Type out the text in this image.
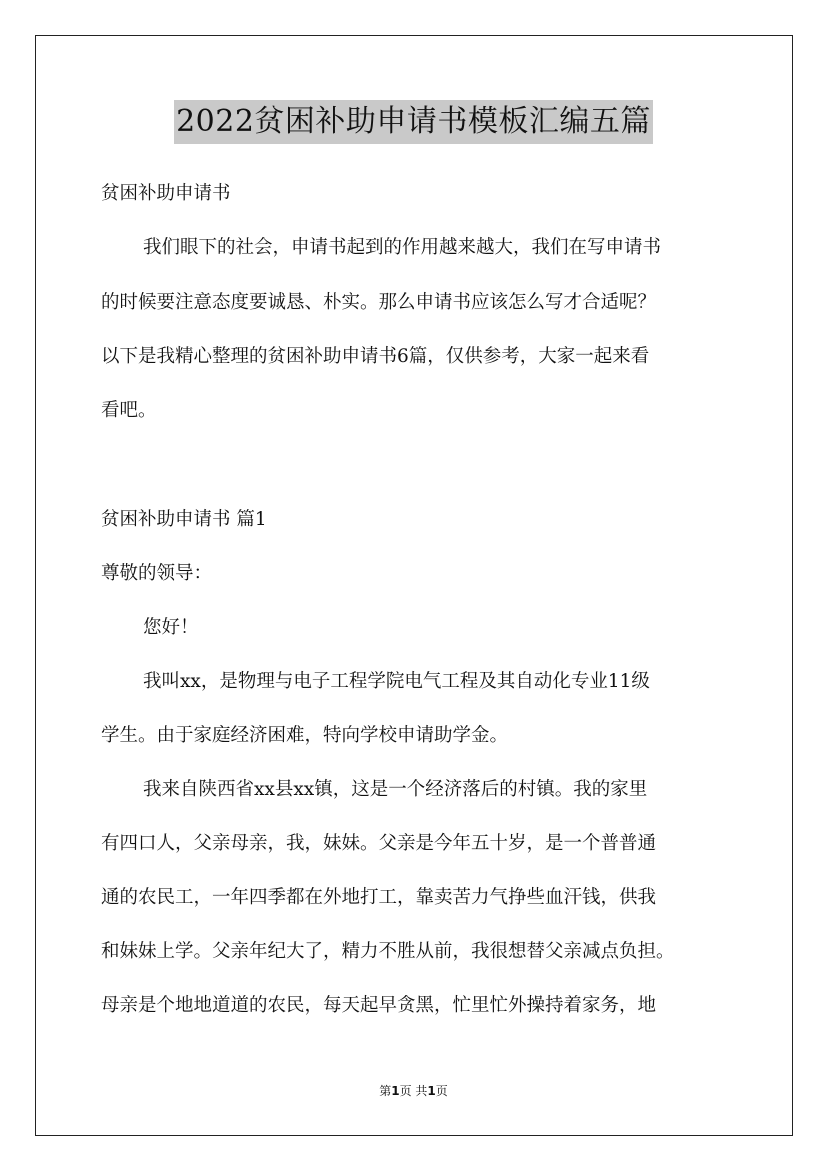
2022贫困补助申请书模板汇编五篇
贫困补助申请书
我们眼下的社会，申请书起到的作用越来越大，我们在写申请书
的时候要注意态度要诚恳、朴实。那么申请书应该怎么写才合适呢？
以下是我精心整理的贫困补助申请书6篇，仅供参考，大家一起来看
看吧。
贫困补助申请书 篇1
尊敬的领导：
您好！
我叫xx，是物理与电子工程学院电气工程及其自动化专业11级
学生。由于家庭经济困难，特向学校申请助学金。
我来自陕西省xx县xx镇，这是一个经济落后的村镇。我的家里
有四口人，父亲母亲，我，妹妹。父亲是今年五十岁，是一个普普通
通的农民工，一年四季都在外地打工，靠卖苦力气挣些血汗钱，供我
和妹妹上学。父亲年纪大了，精力不胜从前，我很想替父亲减点负担。
母亲是个地地道道的农民，每天起早贪黑，忙里忙外操持着家务，地
第1页 共1页
